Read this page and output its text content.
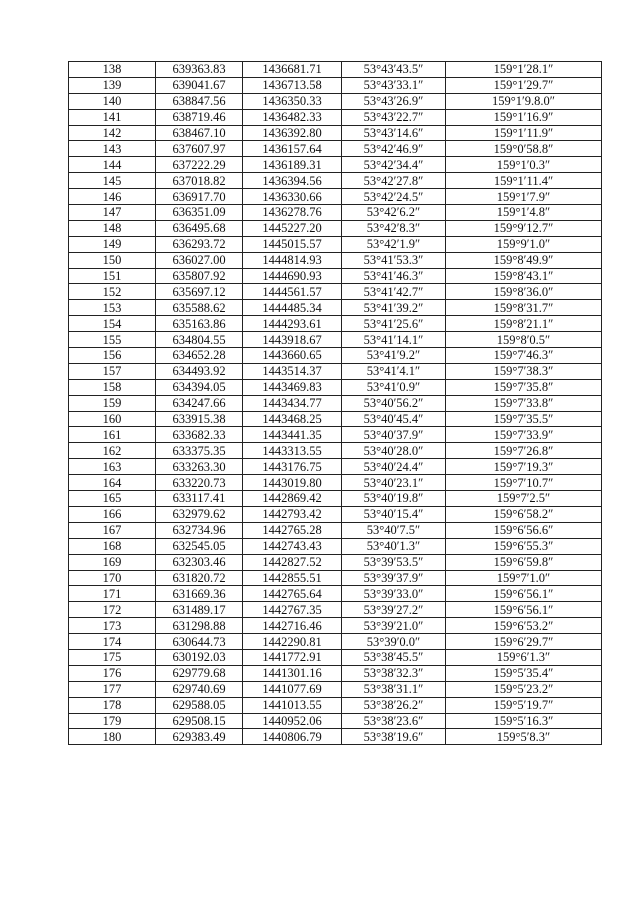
138	639363.83	1436681.71	53°43′43.5″	159°1′28.1″
139	639041.67	1436713.58	53°43′33.1″	159°1′29.7″
140	638847.56	1436350.33	53°43′26.9″	159°1′9.8.0″
141	638719.46	1436482.33	53°43′22.7″	159°1′16.9″
142	638467.10	1436392.80	53°43′14.6″	159°1′11.9″
143	637607.97	1436157.64	53°42′46.9″	159°0′58.8″
144	637222.29	1436189.31	53°42′34.4″	159°1′0.3″
145	637018.82	1436394.56	53°42′27.8″	159°1′11.4″
146	636917.70	1436330.66	53°42′24.5″	159°1′7.9″
147	636351.09	1436278.76	53°42′6.2″	159°1′4.8″
148	636495.68	1445227.20	53°42′8.3″	159°9′12.7″
149	636293.72	1445015.57	53°42′1.9″	159°9′1.0″
150	636027.00	1444814.93	53°41′53.3″	159°8′49.9″
151	635807.92	1444690.93	53°41′46.3″	159°8′43.1″
152	635697.12	1444561.57	53°41′42.7″	159°8′36.0″
153	635588.62	1444485.34	53°41′39.2″	159°8′31.7″
154	635163.86	1444293.61	53°41′25.6″	159°8′21.1″
155	634804.55	1443918.67	53°41′14.1″	159°8′0.5″
156	634652.28	1443660.65	53°41′9.2″	159°7′46.3″
157	634493.92	1443514.37	53°41′4.1″	159°7′38.3″
158	634394.05	1443469.83	53°41′0.9″	159°7′35.8″
159	634247.66	1443434.77	53°40′56.2″	159°7′33.8″
160	633915.38	1443468.25	53°40′45.4″	159°7′35.5″
161	633682.33	1443441.35	53°40′37.9″	159°7′33.9″
162	633375.35	1443313.55	53°40′28.0″	159°7′26.8″
163	633263.30	1443176.75	53°40′24.4″	159°7′19.3″
164	633220.73	1443019.80	53°40′23.1″	159°7′10.7″
165	633117.41	1442869.42	53°40′19.8″	159°7′2.5″
166	632979.62	1442793.42	53°40′15.4″	159°6′58.2″
167	632734.96	1442765.28	53°40′7.5″	159°6′56.6″
168	632545.05	1442743.43	53°40′1.3″	159°6′55.3″
169	632303.46	1442827.52	53°39′53.5″	159°6′59.8″
170	631820.72	1442855.51	53°39′37.9″	159°7′1.0″
171	631669.36	1442765.64	53°39′33.0″	159°6′56.1″
172	631489.17	1442767.35	53°39′27.2″	159°6′56.1″
173	631298.88	1442716.46	53°39′21.0″	159°6′53.2″
174	630644.73	1442290.81	53°39′0.0″	159°6′29.7″
175	630192.03	1441772.91	53°38′45.5″	159°6′1.3″
176	629779.68	1441301.16	53°38′32.3″	159°5′35.4″
177	629740.69	1441077.69	53°38′31.1″	159°5′23.2″
178	629588.05	1441013.55	53°38′26.2″	159°5′19.7″
179	629508.15	1440952.06	53°38′23.6″	159°5′16.3″
180	629383.49	1440806.79	53°38′19.6″	159°5′8.3″
